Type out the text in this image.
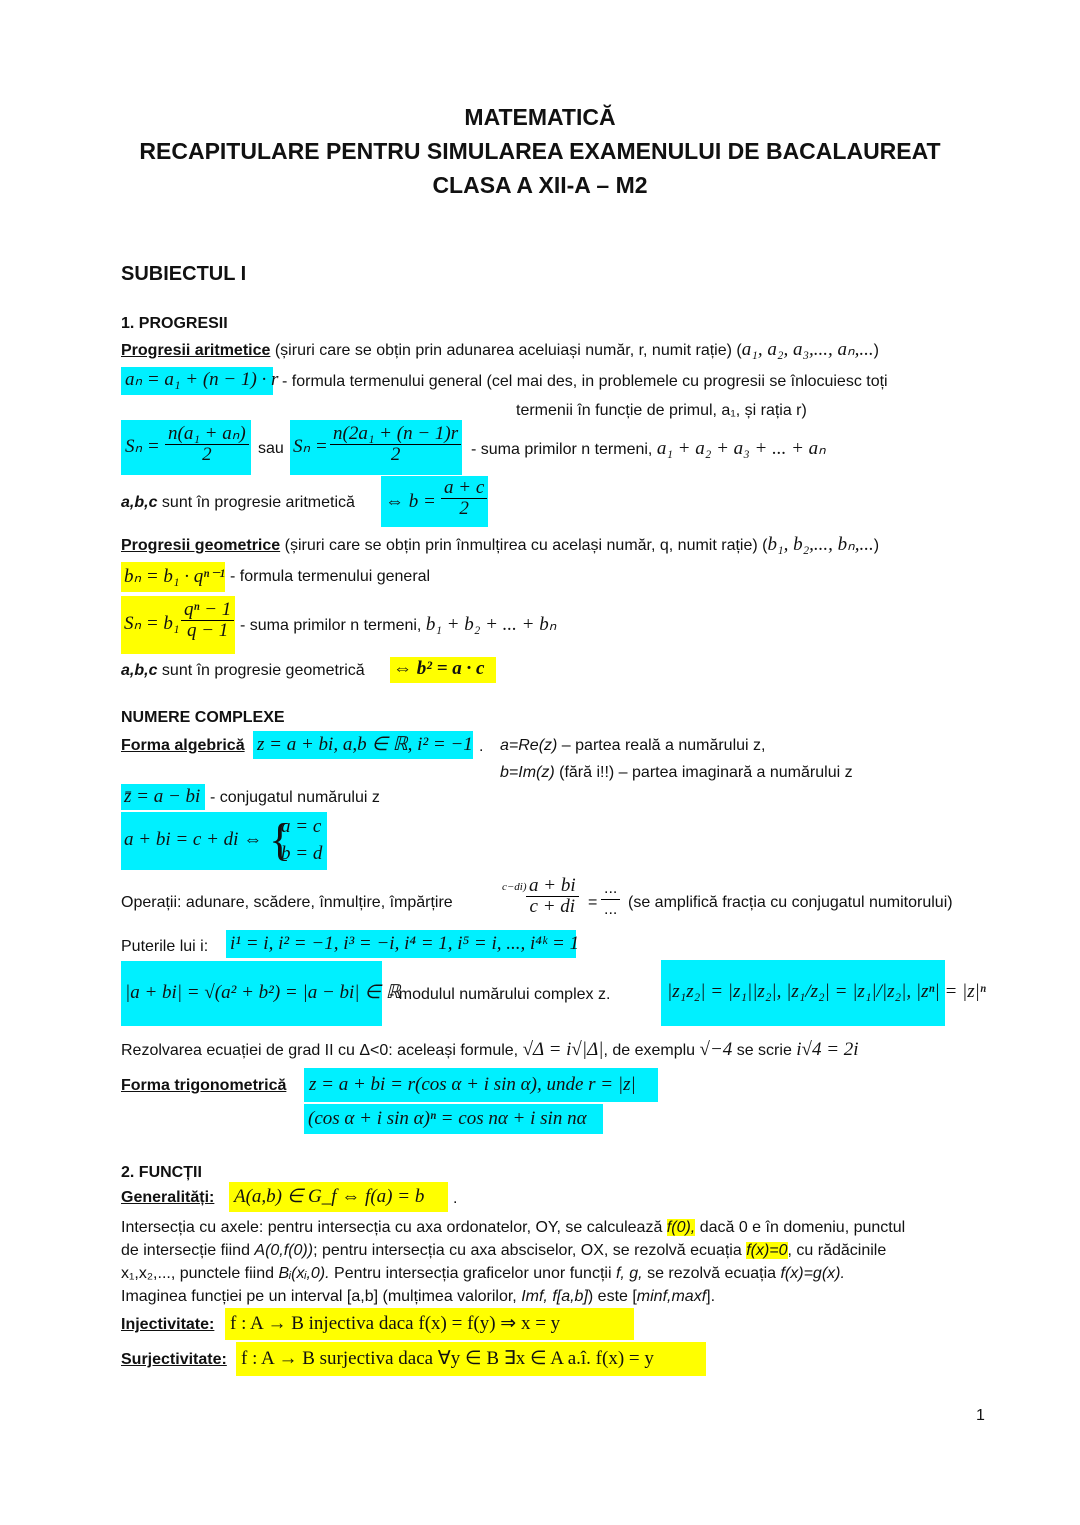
MATEMATICĂ
RECAPITULARE PENTRU SIMULAREA EXAMENULUI DE BACALAUREAT
CLASA A XII-A – M2
SUBIECTUL I
1. PROGRESII
Progresii aritmetice (șiruri care se obțin prin adunarea aceluiași număr, r, numit rație) (a₁, a₂, a₃,..., aₙ,...)
aₙ = a₁ + (n − 1) · r - formula termenului general (cel mai des, in problemele cu progresii se înlocuiesc toți
termenii în funcție de primul, a₁, și rația r)
$S_n = \frac{\text{n(a₁ + aₙ)}}{2}$ sau $S_n = \frac{\text{n(2a₁ + (n − 1)r}}{2}$ - suma primilor n termeni, a₁ + a₂ + a₃ + ... + aₙ
a,b,c sunt în progresie aritmetică ⇔ $b = \frac{a + c}{2}$
Progresii geometrice (șiruri care se obțin prin înmulțirea cu același număr, q, numit rație) (b₁, b₂,..., bₙ,...)
bₙ = b₁ · qⁿ⁻¹ - formula termenului general
$S_n = b_1 \frac{\text{qⁿ − 1}}{q - 1}$ - suma primilor n termeni, b₁ + b₂ + ... + bₙ
a,b,c sunt în progresie geometrică ⇔ b² = a · c
NUMERE COMPLEXE
Forma algebrică z = a + bi, a,b ∈ ℝ, i² = −1 . a=Re(z) – partea reală a numărului z,
b=Im(z) (fără i!!) – partea imaginară a numărului z
z̄ = a − bi - conjugatul numărului z
a + bi = c + di ⇔ {
a = c
b = d
Operații: adunare, scădere, înmulțire, împărțire
$c-di) \frac{a + bi}{c + di} = \frac{...}{...} (se$ amplifică fracția cu conjugatul numitorului)
Puterile lui i: i¹ = i, i² = −1, i³ = −i, i⁴ = 1, i⁵ = i, ..., i⁴ᵏ = 1
|a + bi| = √(a² + b²) = |a − bi| ∈ ℝ
- modulul numărului complex z.	|z₁z₂| = |z₁||z₂|, |z₁/z₂| = |z₁|/|z₂|, |zⁿ| = |z|ⁿ
Rezolvarea ecuației de grad II cu Δ<0: aceleași formule, √Δ = i√|Δ|, de exemplu √−4 se scrie i√4 = 2i
Forma trigonometrică z = a + bi = r(cos α + i sin α), unde r = |z|
(cos α + i sin α)ⁿ = cos nα + i sin nα
2. FUNCȚII
Generalități: A(a,b) ∈ G_f ⇔ f(a) = b .
Intersecția cu axele: pentru intersecția cu axa ordonatelor, OY, se calculează f(0), dacă 0 e în domeniu, punctul
de intersecție fiind A(0,f(0)); pentru intersecția cu axa absciselor, OX, se rezolvă ecuația f(x)=0, cu rădăcinile
x₁,x₂,..., punctele fiind Bᵢ(xᵢ,0). Pentru intersecția graficelor unor funcții f, g, se rezolvă ecuația f(x)=g(x).
Imaginea funcției pe un interval [a,b] (mulțimea valorilor, Imf, f[a,b]) este [minf,maxf].
Injectivitate: f : A → B injectiva daca f(x) = f(y) ⇒ x = y
Surjectivitate: f : A → B surjectiva daca ∀y ∈ B ∃x ∈ A a.î. f(x) = y
1
